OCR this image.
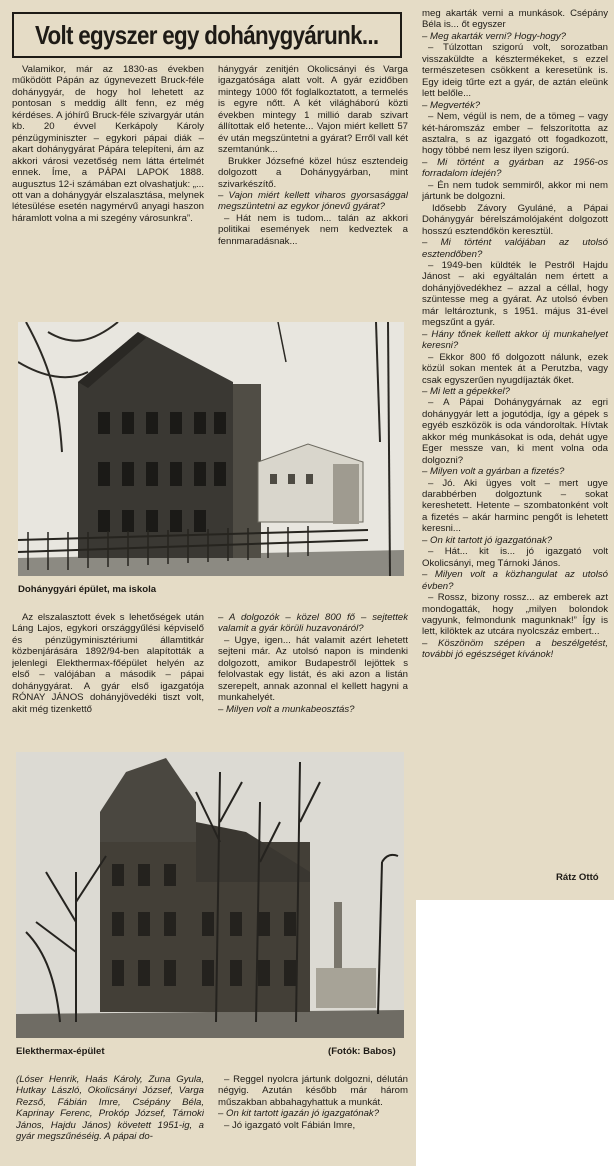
Volt egyszer egy dohánygyárunk...

Valamikor, már az 1830-as években működött Pápán az úgynevezett Bruck-féle dohánygyár, de hogy hol lehetett az pontosan s meddig állt fenn, ez még kérdéses. A jóhírű Bruck-féle szivargyár után kb. 20 évvel Kerkápoly Károly pénzügyminiszter – egykori pápai diák – akart dohánygyárat Pápára telepíteni, ám az akkori városi vezetőség nem látta értelmét ennek. Íme, a PÁPAI LAPOK 1888. augusztus 12-i számában ezt olvashatjuk: „... ott van a dohánygyár elszalasztása, melynek létesülése esetén nagymérvű anyagi haszon háramlott volna a mi szegény városunkra”.

hánygyár zenitjén Okolicsányi és Varga igazgatósága alatt volt. A gyár ezidőben mintegy 1000 főt foglalkoztatott, a termelés is egyre nőtt. A két világháború közti években mintegy 1 millió darab szivart állítottak elő hetente... Vajon miért kellett 57 év után megszüntetni a gyárat? Erről vall két szemtanúnk...

Brukker Józsefné közel húsz esztendeig dolgozott a Dohánygyárban, mint szivarkészítő.

– Vajon miért kellett viharos gyorsasággal megszüntetni az egykor jónevű gyárat?

– Hát nem is tudom... talán az akkori politikai események nem kedveztek a fennmaradásnak...

Dohánygyári épület, ma iskola

Az elszalasztott évek s lehetőségek után Láng Lajos, egykori országgyűlési képviselő és pénzügyminisztériumi államtitkár közbenjárására 1892/94-ben alapították a jelenlegi Elekthermax-főépület helyén az első – valójában a második – pápai dohánygyárat. A gyár első igazgatója RÓNAY JÁNOS dohányjövedéki tiszt volt, akit még tizenkettő

– A dolgozók – közel 800 fő – sejtettek valamit a gyár körüli huzavonáról?

– Ugye, igen... hát valamit azért lehetett sejteni már. Az utolsó napon is mindenki dolgozott, amikor Budapestről lejöttek s felolvastak egy listát, és aki azon a listán szerepelt, annak azonnal el kellett hagyni a munkahelyét.

– Milyen volt a munkabeosztás?

Elekthermax-épület	(Fotók: Babos)

(Lóser Henrik, Haás Károly, Zuna Gyula, Hutkay László, Okolicsányi József, Varga Rezső, Fábián Imre, Csépány Béla, Kaprinay Ferenc, Prokóp József, Tárnoki János, Hajdu János) követett 1951-ig, a gyár megszűnéséig. A pápai do-

– Reggel nyolcra jártunk dolgozni, délután négyig. Azután később már három műszakban abbahagyhattuk a munkát.

– On kit tartott igazán jó igazgatónak?

– Jó igazgató volt Fábián Imre,

meg akarták verni a munkások. Csépány Béla is... őt egyszer

– Meg akarták verni? Hogy-hogy?

– Túlzottan szigorú volt, sorozatban visszaküldte a késztermékeket, s ezzel természetesen csökkent a keresetünk is. Egy ideig tűrte ezt a gyár, de aztán eleünk lett belőle...

– Megverték?

– Nem, végül is nem, de a tömeg – vagy két-háromszáz ember – felszorította az asztalra, s az igazgató ott fogadkozott, hogy többé nem lesz ilyen szigorú.

– Mi történt a gyárban az 1956-os forradalom idején?

– Én nem tudok semmiről, akkor mi nem jártunk be dolgozni.

Idősebb Závory Gyuláné, a Pápai Dohánygyár bérelszámolójaként dolgozott hosszú esztendőkön keresztül.

– Mi történt valójában az utolsó esztendőben?

– 1949-ben küldték le Pestről Hajdu Jánost – aki egyáltalán nem értett a dohányjövedékhez – azzal a céllal, hogy szüntesse meg a gyárat. Az utolsó évben már leltároztunk, s 1951. május 31-ével megszűnt a gyár.

– Hány tőnek kellett akkor új munkahelyet keresni?

– Ekkor 800 fő dolgozott nálunk, ezek közül sokan mentek át a Perutzba, vagy csak egyszerűen nyugdíjazták őket.

– Mi lett a gépekkel?

– A Pápai Dohánygyárnak az egri dohánygyár lett a jogutódja, így a gépek s egyéb eszközök is oda vándoroltak. Hívtak akkor még munkásokat is oda, dehát ugye Eger messze van, ki ment volna oda dolgozni?

– Milyen volt a gyárban a fizetés?

– Jó. Aki ügyes volt – mert ugye darabbérben dolgoztunk – sokat kereshetett. Hetente – szombatonként volt a fizetés – akár harminc pengőt is lehetett keresni...

– On kit tartott jó igazgatónak?

– Hát... kit is... jó igazgató volt Okolicsányi, meg Tárnoki János.

– Milyen volt a közhangulat az utolsó évben?

– Rossz, bizony rossz... az emberek azt mondogatták, hogy „milyen bolondok vagyunk, felmondunk magunknak!” Így is lett, kilöktek az utcára nyolcszáz embert...

– Köszönöm szépen a beszélgetést, további jó egészséget kívánok!

Rátz Ottó
